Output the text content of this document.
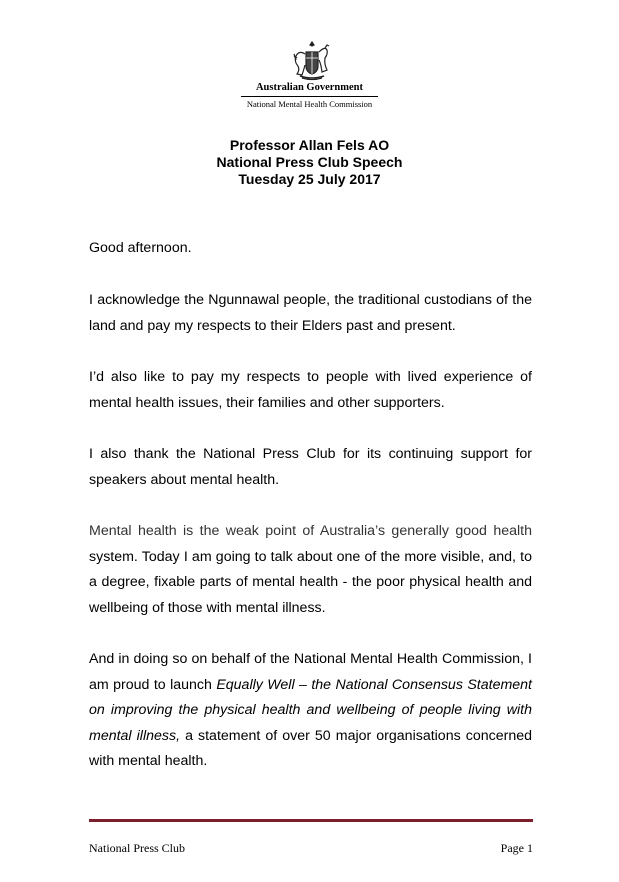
Australian Government
National Mental Health Commission
Professor Allan Fels AO
National Press Club Speech
Tuesday 25 July 2017

Good afternoon.

I acknowledge the Ngunnawal people, the traditional custodians of the land and pay my respects to their Elders past and present.

I’d also like to pay my respects to people with lived experience of mental health issues, their families and other supporters.

I also thank the National Press Club for its continuing support for speakers about mental health.

Mental health is the weak point of Australia’s generally good health system. Today I am going to talk about one of the more visible, and, to a degree, fixable parts of mental health - the poor physical health and wellbeing of those with mental illness.

And in doing so on behalf of the National Mental Health Commission, I am proud to launch Equally Well – the National Consensus Statement on improving the physical health and wellbeing of people living with mental illness, a statement of over 50 major organisations concerned with mental health.

National Press Club	Page 1
